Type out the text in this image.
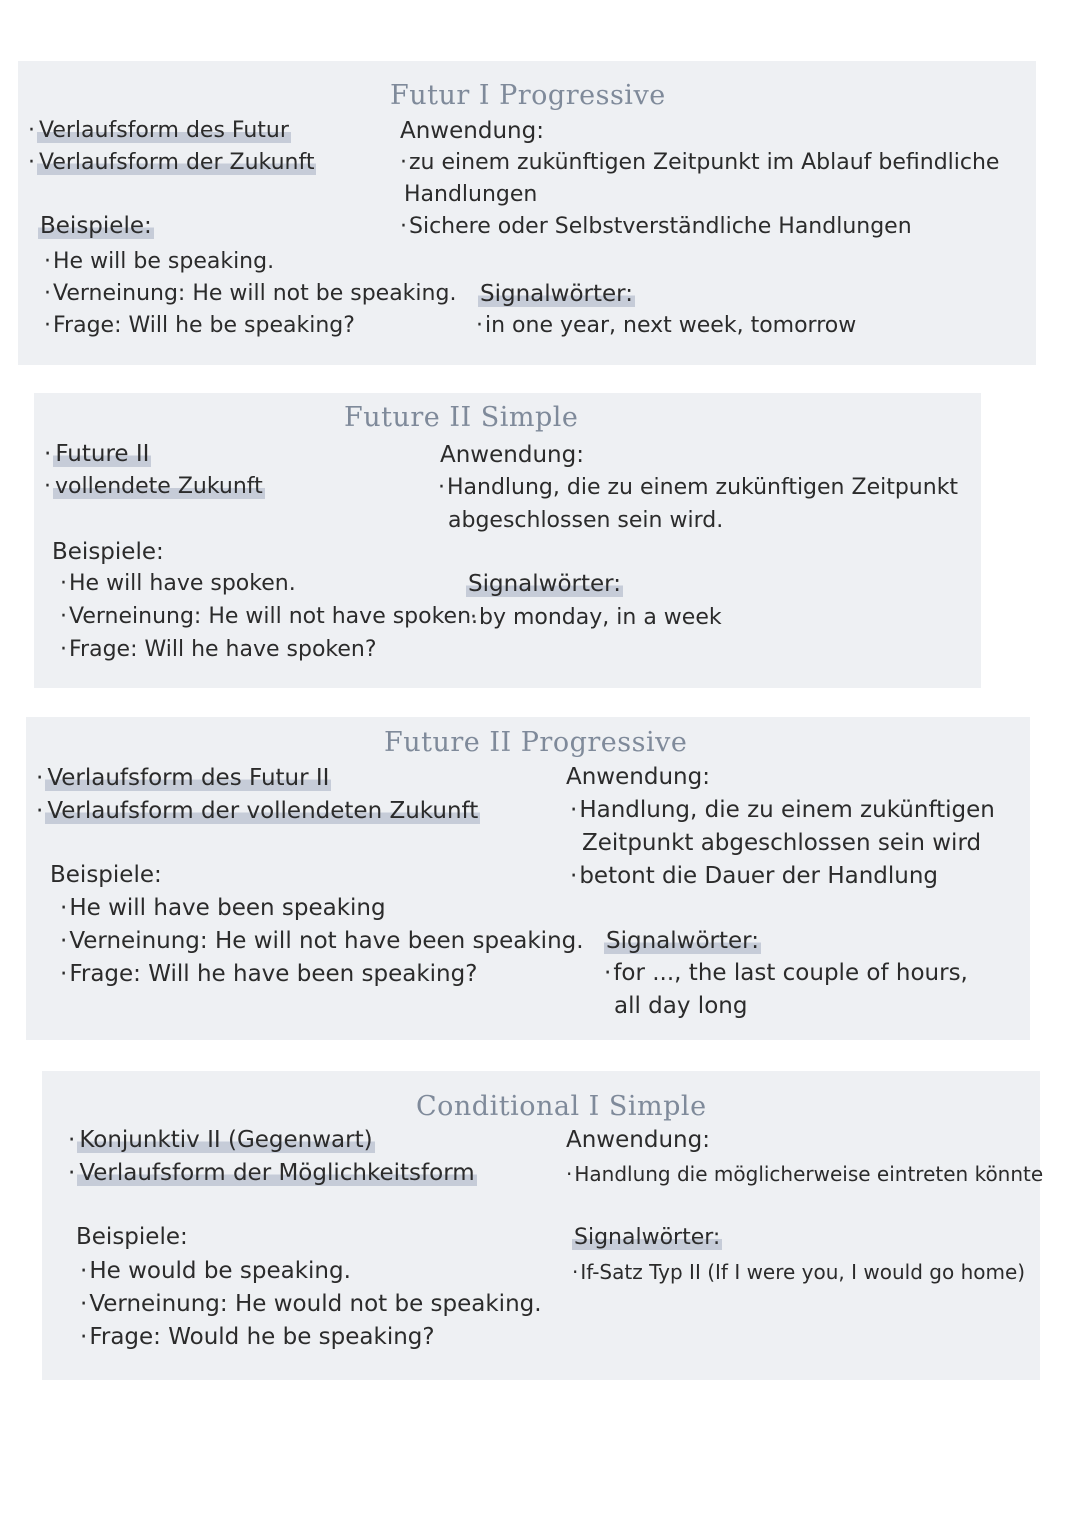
Futur I Progressive
· Verlaufsform des Futur
· Verlaufsform der Zukunft
Anwendung:
· zu einem zukünftigen Zeitpunkt im Ablauf befindliche
Handlungen
· Sichere oder Selbstverständliche Handlungen
Beispiele:
· He will be speaking.
· Verneinung: He will not be speaking.
· Frage: Will he be speaking?
Signalwörter:
· in one year, next week, tomorrow
Future II Simple
· Future II
· vollendete Zukunft
Anwendung:
· Handlung, die zu einem zukünftigen Zeitpunkt
abgeschlossen sein wird.
Beispiele:
· He will have spoken.
· Verneinung: He will not have spoken.
· Frage: Will he have spoken?
Signalwörter:
· by monday, in a week
Future II Progressive
· Verlaufsform des Futur II
· Verlaufsform der vollendeten Zukunft
Anwendung:
· Handlung, die zu einem zukünftigen
Zeitpunkt abgeschlossen sein wird
· betont die Dauer der Handlung
Beispiele:
· He will have been speaking
· Verneinung: He will not have been speaking.
· Frage: Will he have been speaking?
Signalwörter:
· for ..., the last couple of hours,
all day long
Conditional I Simple
· Konjunktiv II (Gegenwart)
· Verlaufsform der Möglichkeitsform
Anwendung:
· Handlung die möglicherweise eintreten könnte
Beispiele:
· He would be speaking.
· Verneinung: He would not be speaking.
· Frage: Would he be speaking?
Signalwörter:
· If-Satz Typ II (If I were you, I would go home)
